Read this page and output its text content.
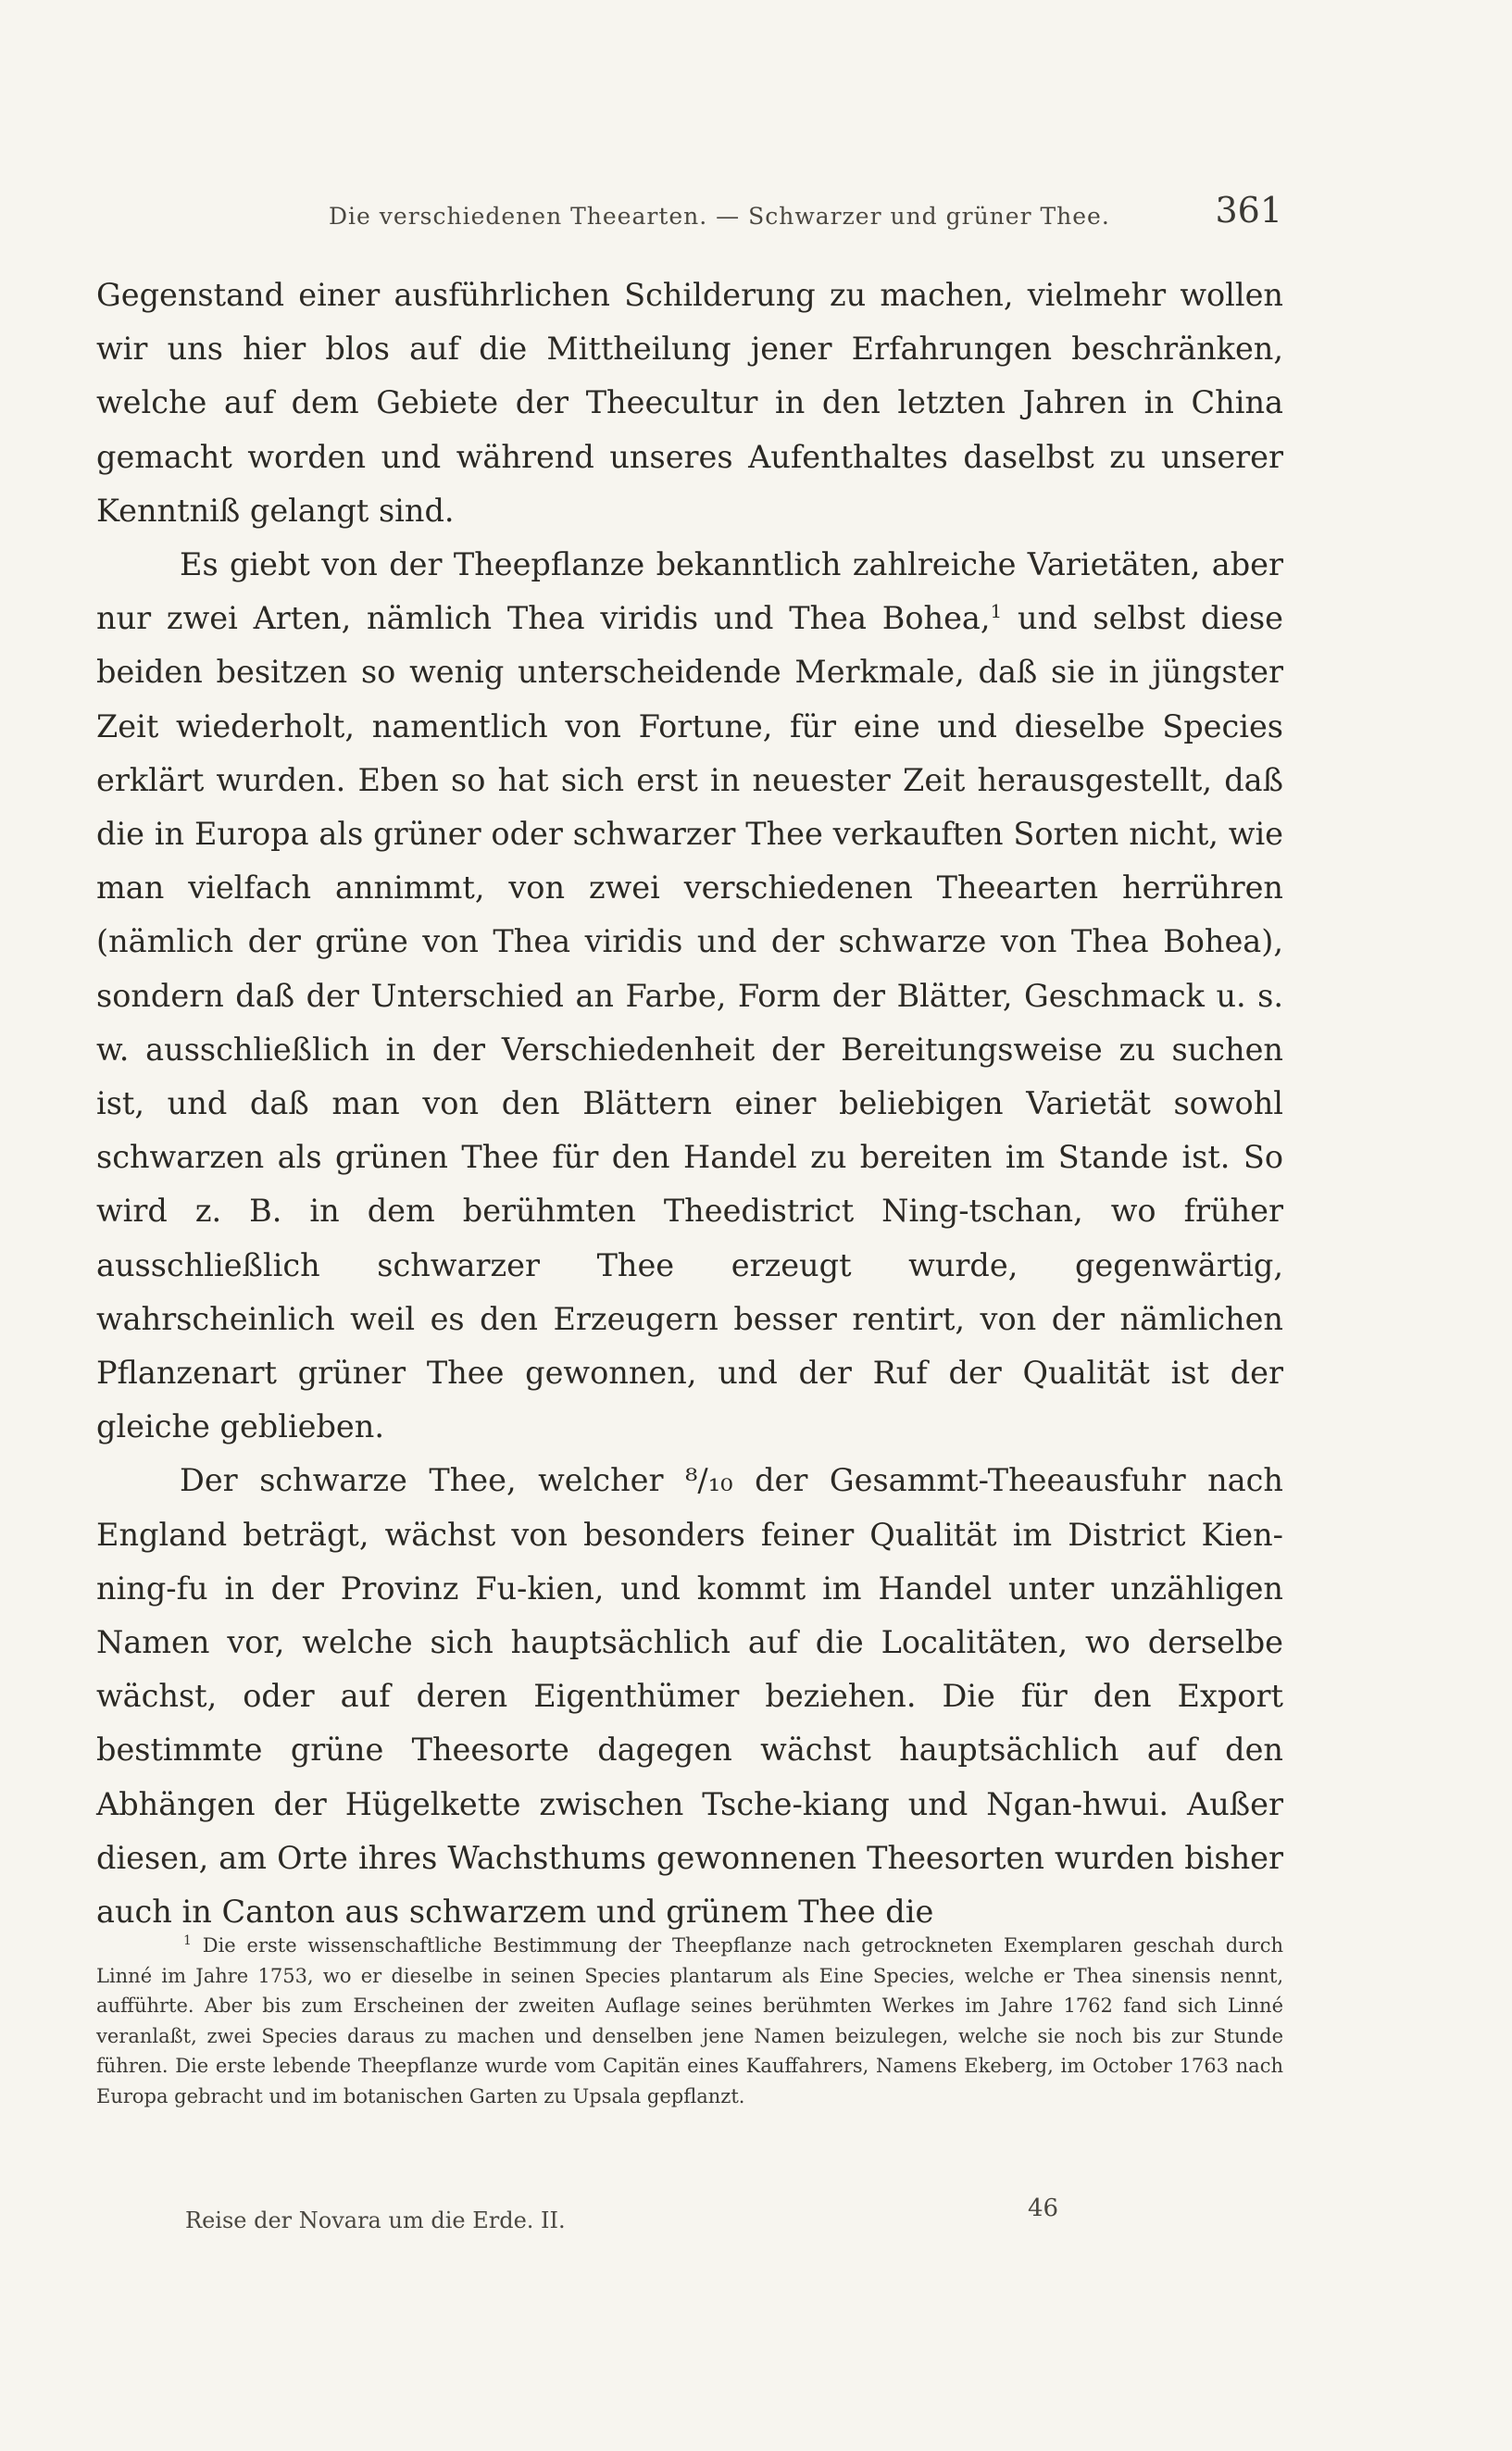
Die verschiedenen Theearten. — Schwarzer und grüner Thee.	361

Gegenstand einer ausführlichen Schilderung zu machen, vielmehr wollen wir uns hier blos auf die Mittheilung jener Erfahrungen beschränken, welche auf dem Gebiete der Theecultur in den letzten Jahren in China gemacht worden und während unseres Aufenthaltes daselbst zu unserer Kenntniß gelangt sind.

Es giebt von der Theepflanze bekanntlich zahlreiche Varietäten, aber nur zwei Arten, nämlich Thea viridis und Thea Bohea,$^1$ und selbst diese beiden besitzen so wenig unterscheidende Merkmale, daß sie in jüngster Zeit wiederholt, namentlich von Fortune, für eine und dieselbe Species erklärt wurden. Eben so hat sich erst in neuester Zeit herausgestellt, daß die in Europa als grüner oder schwarzer Thee verkauften Sorten nicht, wie man vielfach annimmt, von zwei verschiedenen Theearten herrühren (nämlich der grüne von Thea viridis und der schwarze von Thea Bohea), sondern daß der Unterschied an Farbe, Form der Blätter, Geschmack u. s. w. ausschließlich in der Verschiedenheit der Bereitungsweise zu suchen ist, und daß man von den Blättern einer beliebigen Varietät sowohl schwarzen als grünen Thee für den Handel zu bereiten im Stande ist. So wird z. B. in dem berühmten Theedistrict Ning-tschan, wo früher ausschließlich schwarzer Thee erzeugt wurde, gegenwärtig, wahrscheinlich weil es den Erzeugern besser rentirt, von der nämlichen Pflanzenart grüner Thee gewonnen, und der Ruf der Qualität ist der gleiche geblieben.

Der schwarze Thee, welcher ⁸/₁₀ der Gesammt-Theeausfuhr nach England beträgt, wächst von besonders feiner Qualität im District Kien-ning-fu in der Provinz Fu-kien, und kommt im Handel unter unzähligen Namen vor, welche sich hauptsächlich auf die Localitäten, wo derselbe wächst, oder auf deren Eigenthümer beziehen. Die für den Export bestimmte grüne Theesorte dagegen wächst hauptsächlich auf den Abhängen der Hügelkette zwischen Tsche-kiang und Ngan-hwui. Außer diesen, am Orte ihres Wachsthums gewonnenen Theesorten wurden bisher auch in Canton aus schwarzem und grünem Thee die

$^1$ Die erste wissenschaftliche Bestimmung der Theepflanze nach getrockneten Exemplaren geschah durch Linné im Jahre 1753, wo er dieselbe in seinen Species plantarum als Eine Species, welche er Thea sinensis nennt, aufführte. Aber bis zum Erscheinen der zweiten Auflage seines berühmten Werkes im Jahre 1762 fand sich Linné veranlaßt, zwei Species daraus zu machen und denselben jene Namen beizulegen, welche sie noch bis zur Stunde führen. Die erste lebende Theepflanze wurde vom Capitän eines Kauffahrers, Namens Ekeberg, im October 1763 nach Europa gebracht und im botanischen Garten zu Upsala gepflanzt.

Reise der Novara um die Erde. II.	46
